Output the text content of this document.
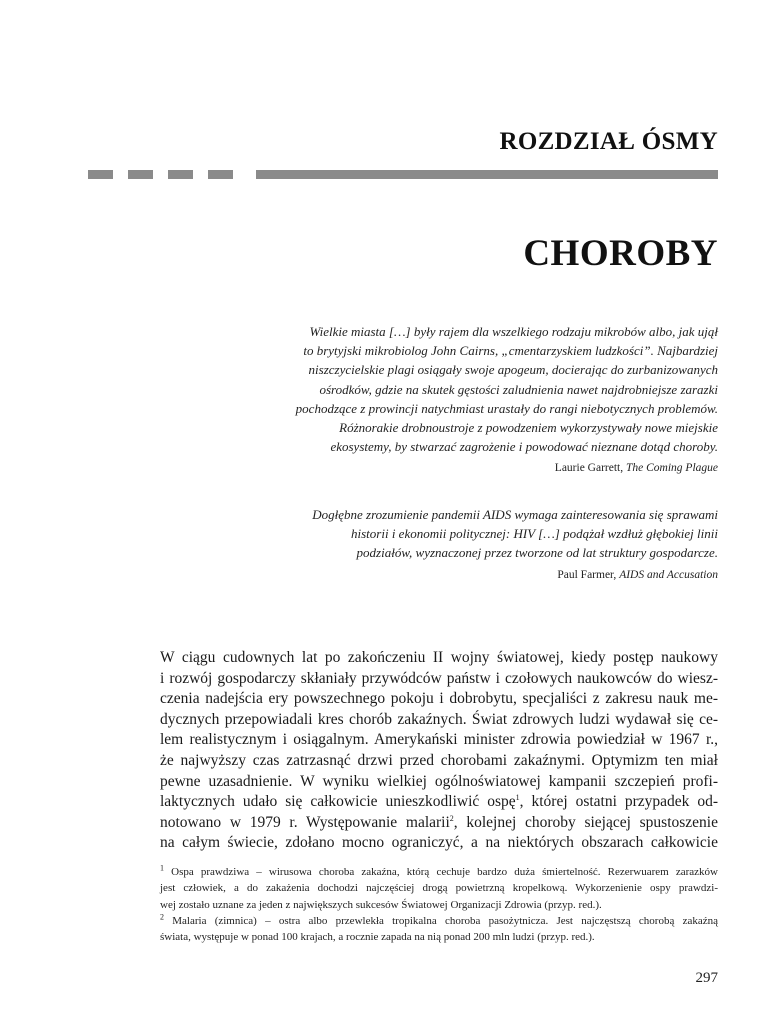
ROZDZIAŁ ÓSMY
CHOROBY
Wielkie miasta […] były rajem dla wszelkiego rodzaju mikrobów albo, jak ujął
to brytyjski mikrobiolog John Cairns, „cmentarzyskiem ludzkości”. Najbardziej
niszczycielskie plagi osiągały swoje apogeum, docierając do zurbanizowanych
ośrodków, gdzie na skutek gęstości zaludnienia nawet najdrobniejsze zarazki
pochodzące z prowincji natychmiast urastały do rangi niebotycznych problemów.
Różnorakie drobnoustroje z powodzeniem wykorzystywały nowe miejskie
ekosystemy, by stwarzać zagrożenie i powodować nieznane dotąd choroby.
Laurie Garrett, The Coming Plague
Dogłębne zrozumienie pandemii AIDS wymaga zainteresowania się sprawami
historii i ekonomii politycznej: HIV […] podążał wzdłuż głębokiej linii
podziałów, wyznaczonej przez tworzone od lat struktury gospodarcze.
Paul Farmer, AIDS and Accusation
W ciągu cudownych lat po zakończeniu II wojny światowej, kiedy postęp naukowy
i rozwój gospodarczy skłaniały przywódców państw i czołowych naukowców do wiesz-
czenia nadejścia ery powszechnego pokoju i dobrobytu, specjaliści z zakresu nauk me-
dycznych przepowiadali kres chorób zakaźnych. Świat zdrowych ludzi wydawał się ce-
lem realistycznym i osiągalnym. Amerykański minister zdrowia powiedział w 1967 r.,
że najwyższy czas zatrzasnąć drzwi przed chorobami zakaźnymi. Optymizm ten miał
pewne uzasadnienie. W wyniku wielkiej ogólnoświatowej kampanii szczepień profi-
laktycznych udało się całkowicie unieszkodliwić ospę$^1$, której ostatni przypadek od-
notowano w 1979 r. Występowanie malarii$^2$, kolejnej choroby siejącej spustoszenie
na całym świecie, zdołano mocno ograniczyć, a na niektórych obszarach całkowicie
$^1$ Ospa prawdziwa – wirusowa choroba zakaźna, którą cechuje bardzo duża śmiertelność. Rezerwuarem zarazków
jest człowiek, a do zakażenia dochodzi najczęściej drogą powietrzną kropelkową. Wykorzenienie ospy prawdzi-
wej zostało uznane za jeden z największych sukcesów Światowej Organizacji Zdrowia (przyp. red.).
$^2$ Malaria (zimnica) – ostra albo przewlekła tropikalna choroba pasożytnicza. Jest najczęstszą chorobą zakaźną
świata, występuje w ponad 100 krajach, a rocznie zapada na nią ponad 200 mln ludzi (przyp. red.).
297
